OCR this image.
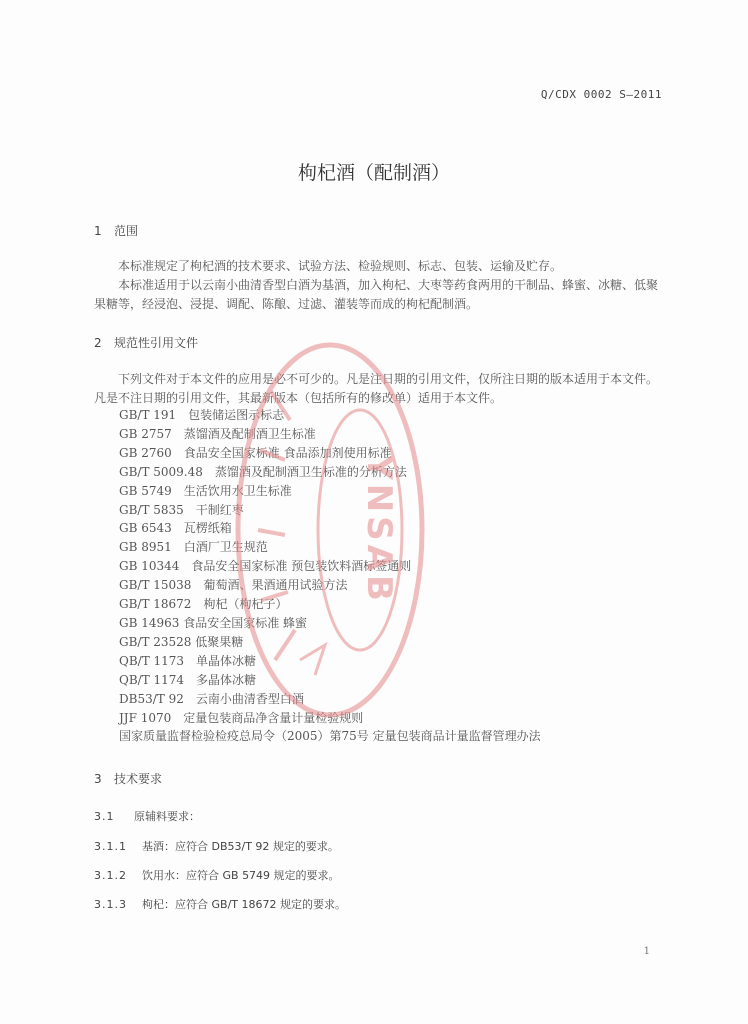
Q/CDX 0002 S—2011
枸杞酒（配制酒）
1 范围
本标准规定了枸杞酒的技术要求、试验方法、检验规则、标志、包装、运输及贮存。
本标准适用于以云南小曲清香型白酒为基酒，加入枸杞、大枣等药食两用的干制品、蜂蜜、冰糖、低聚果糖等，经浸泡、浸提、调配、陈酿、过滤、灌装等而成的枸杞配制酒。
2 规范性引用文件
下列文件对于本文件的应用是必不可少的。凡是注日期的引用文件，仅所注日期的版本适用于本文件。凡是不注日期的引用文件，其最新版本（包括所有的修改单）适用于本文件。
GB/T 191　包装储运图示标志
GB 2757　蒸馏酒及配制酒卫生标准
GB 2760　食品安全国家标准 食品添加剂使用标准
GB/T 5009.48　蒸馏酒及配制酒卫生标准的分析方法
GB 5749　生活饮用水卫生标准
GB/T 5835　干制红枣
GB 6543　瓦楞纸箱
GB 8951　白酒厂卫生规范
GB 10344　食品安全国家标准 预包装饮料酒标签通则
GB/T 15038　葡萄酒、果酒通用试验方法
GB/T 18672　枸杞（枸杞子）
GB 14963 食品安全国家标准 蜂蜜
GB/T 23528 低聚果糖
QB/T 1173　单晶体冰糖
QB/T 1174　多晶体冰糖
DB53/T 92　云南小曲清香型白酒
JJF 1070　定量包装商品净含量计量检验规则
国家质量监督检验检疫总局令（2005）第75号 定量包装商品计量监督管理办法
3 技术要求
3.1 原辅料要求：
3.1.1 基酒：应符合 DB53/T 92 规定的要求。
3.1.2 饮用水：应符合 GB 5749 规定的要求。
3.1.3 枸杞：应符合 GB/T 18672 规定的要求。
1
YNSAB
